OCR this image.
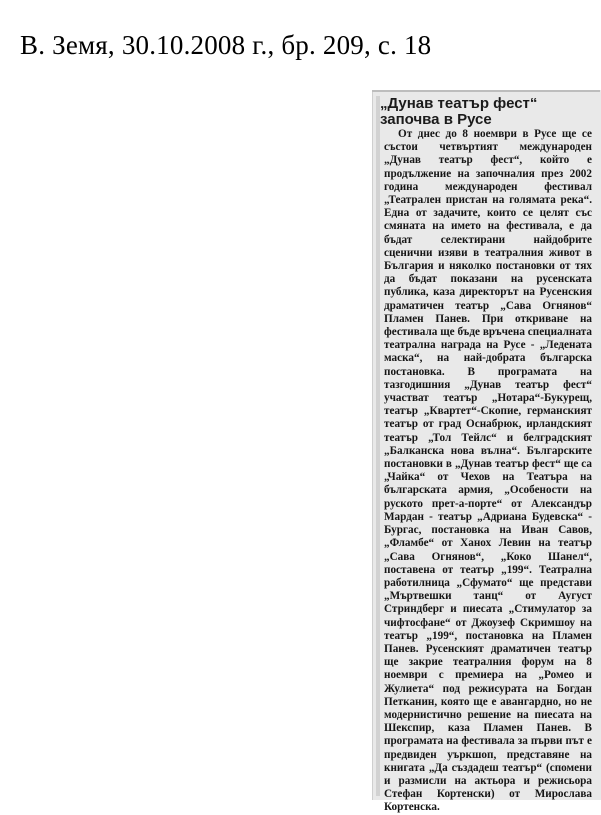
В. Земя, 30.10.2008 г., бр. 209, с. 18
„Дунав театър фест“ започва в Русе
От днес до 8 ноември в Русе ще се състои четвъртият международен „Дунав театър фест“, който е продължение на започналия през 2002 година международен фестивал „Театрален пристан на голямата река“. Една от задачите, които се целят със смяната на името на фестивала, е да бъдат селектирани найдобрите сценични изяви в театралния живот в България и няколко постановки от тях да бъдат показани на русенската публика, каза директорът на Русенския драматичен театър „Сава Огнянов“ Пламен Панев. При откриване на фестивала ще бъде връчена специалната театрална награда на Русе - „Ледената маска“, на най-добрата българска постановка. В програмата на тазгодишния „Дунав театър фест“ участват театър „Нотара“-Букурещ, театър „Квартет“-Скопие, германският театър от град Оснабрюк, ирландският театър „Тол Тейлс“ и белградският „Балканска нова вълна“. Българските постановки в „Дунав театър фест“ ще са „Чайка“ от Чехов на Театъра на българската армия, „Особености на руското прет-а-порте“ от Александър Мардан - театър „Адриана Будевска“ - Бургас, постановка на Иван Савов, „Фламбе“ от Ханох Левин на театър „Сава Огнянов“, „Коко Шанел“, поставена от театър „199“. Театрална работилница „Сфумато“ ще представи „Мъртвешки танц“ от Аугуст Стриндберг и пиесата „Стимулатор за чифтосфане“ от Джоузеф Скримшоу на театър „199“, постановка на Пламен Панев. Русенският драматичен театър ще закрие театралния форум на 8 ноември с премиера на „Ромео и Жулиета“ под режисурата на Богдан Петканин, която ще е авангардно, но не модернистично решение на пиесата на Шекспир, каза Пламен Панев. В програмата на фестивала за първи път е предвиден уъркшоп, представяне на книгата „Да създадеш театър“ (спомени и размисли на актьора и режисьора Стефан Кортенски) от Мирослава Кортенска.
